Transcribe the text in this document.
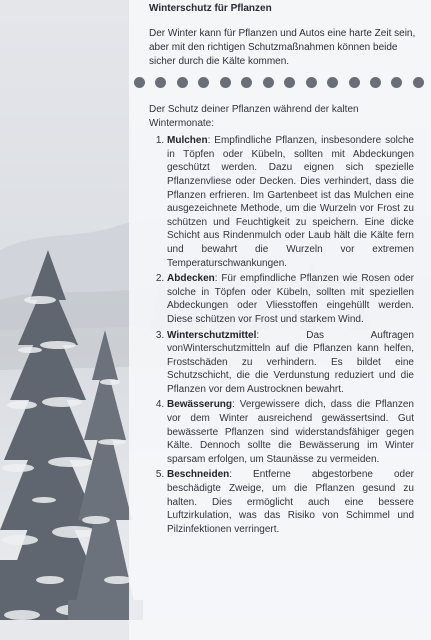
Winterschutz für Pflanzen
Der Winter kann für Pflanzen und Autos eine harte Zeit sein, aber mit den richtigen Schutzmaßnahmen können beide sicher durch die Kälte kommen.

Der Schutz deiner Pflanzen während der kalten Wintermonate:

1. Mulchen: Empfindliche Pflanzen, insbesondere solche in Töpfen oder Kübeln, sollten mit Abdeckungen geschützt werden. Dazu eignen sich spezielle Pflanzenvliese oder Decken. Dies verhindert, dass die Pflanzen erfrieren. Im Gartenbeet ist das Mulchen eine ausgezeichnete Methode, um die Wurzeln vor Frost zu schützen und Feuchtigkeit zu speichern. Eine dicke Schicht aus Rindenmulch oder Laub hält die Kälte fern und bewahrt die Wurzeln vor extremen Temperaturschwankungen.
2. Abdecken: Für empfindliche Pflanzen wie Rosen oder solche in Töpfen oder Kübeln, sollten mit speziellen Abdeckungen oder Vliesstoffen eingehüllt werden. Diese schützen vor Frost und starkem Wind.
3. Winterschutzmittel: Das Auftragen vonWinterschutzmitteln auf die Pflanzen kann helfen, Frostschäden zu verhindern. Es bildet eine Schutzschicht, die die Verdunstung reduziert und die Pflanzen vor dem Austrocknen bewahrt.
4. Bewässerung: Vergewissere dich, dass die Pflanzen vor dem Winter ausreichend gewässertsind. Gut bewässerte Pflanzen sind widerstandsfähiger gegen Kälte. Dennoch sollte die Bewässerung im Winter sparsam erfolgen, um Staunässe zu vermeiden.
5. Beschneiden: Entferne abgestorbene oder beschädigte Zweige, um die Pflanzen gesund zu halten. Dies ermöglicht auch eine bessere Luftzirkulation, was das Risiko von Schimmel und Pilzinfektionen verringert.
